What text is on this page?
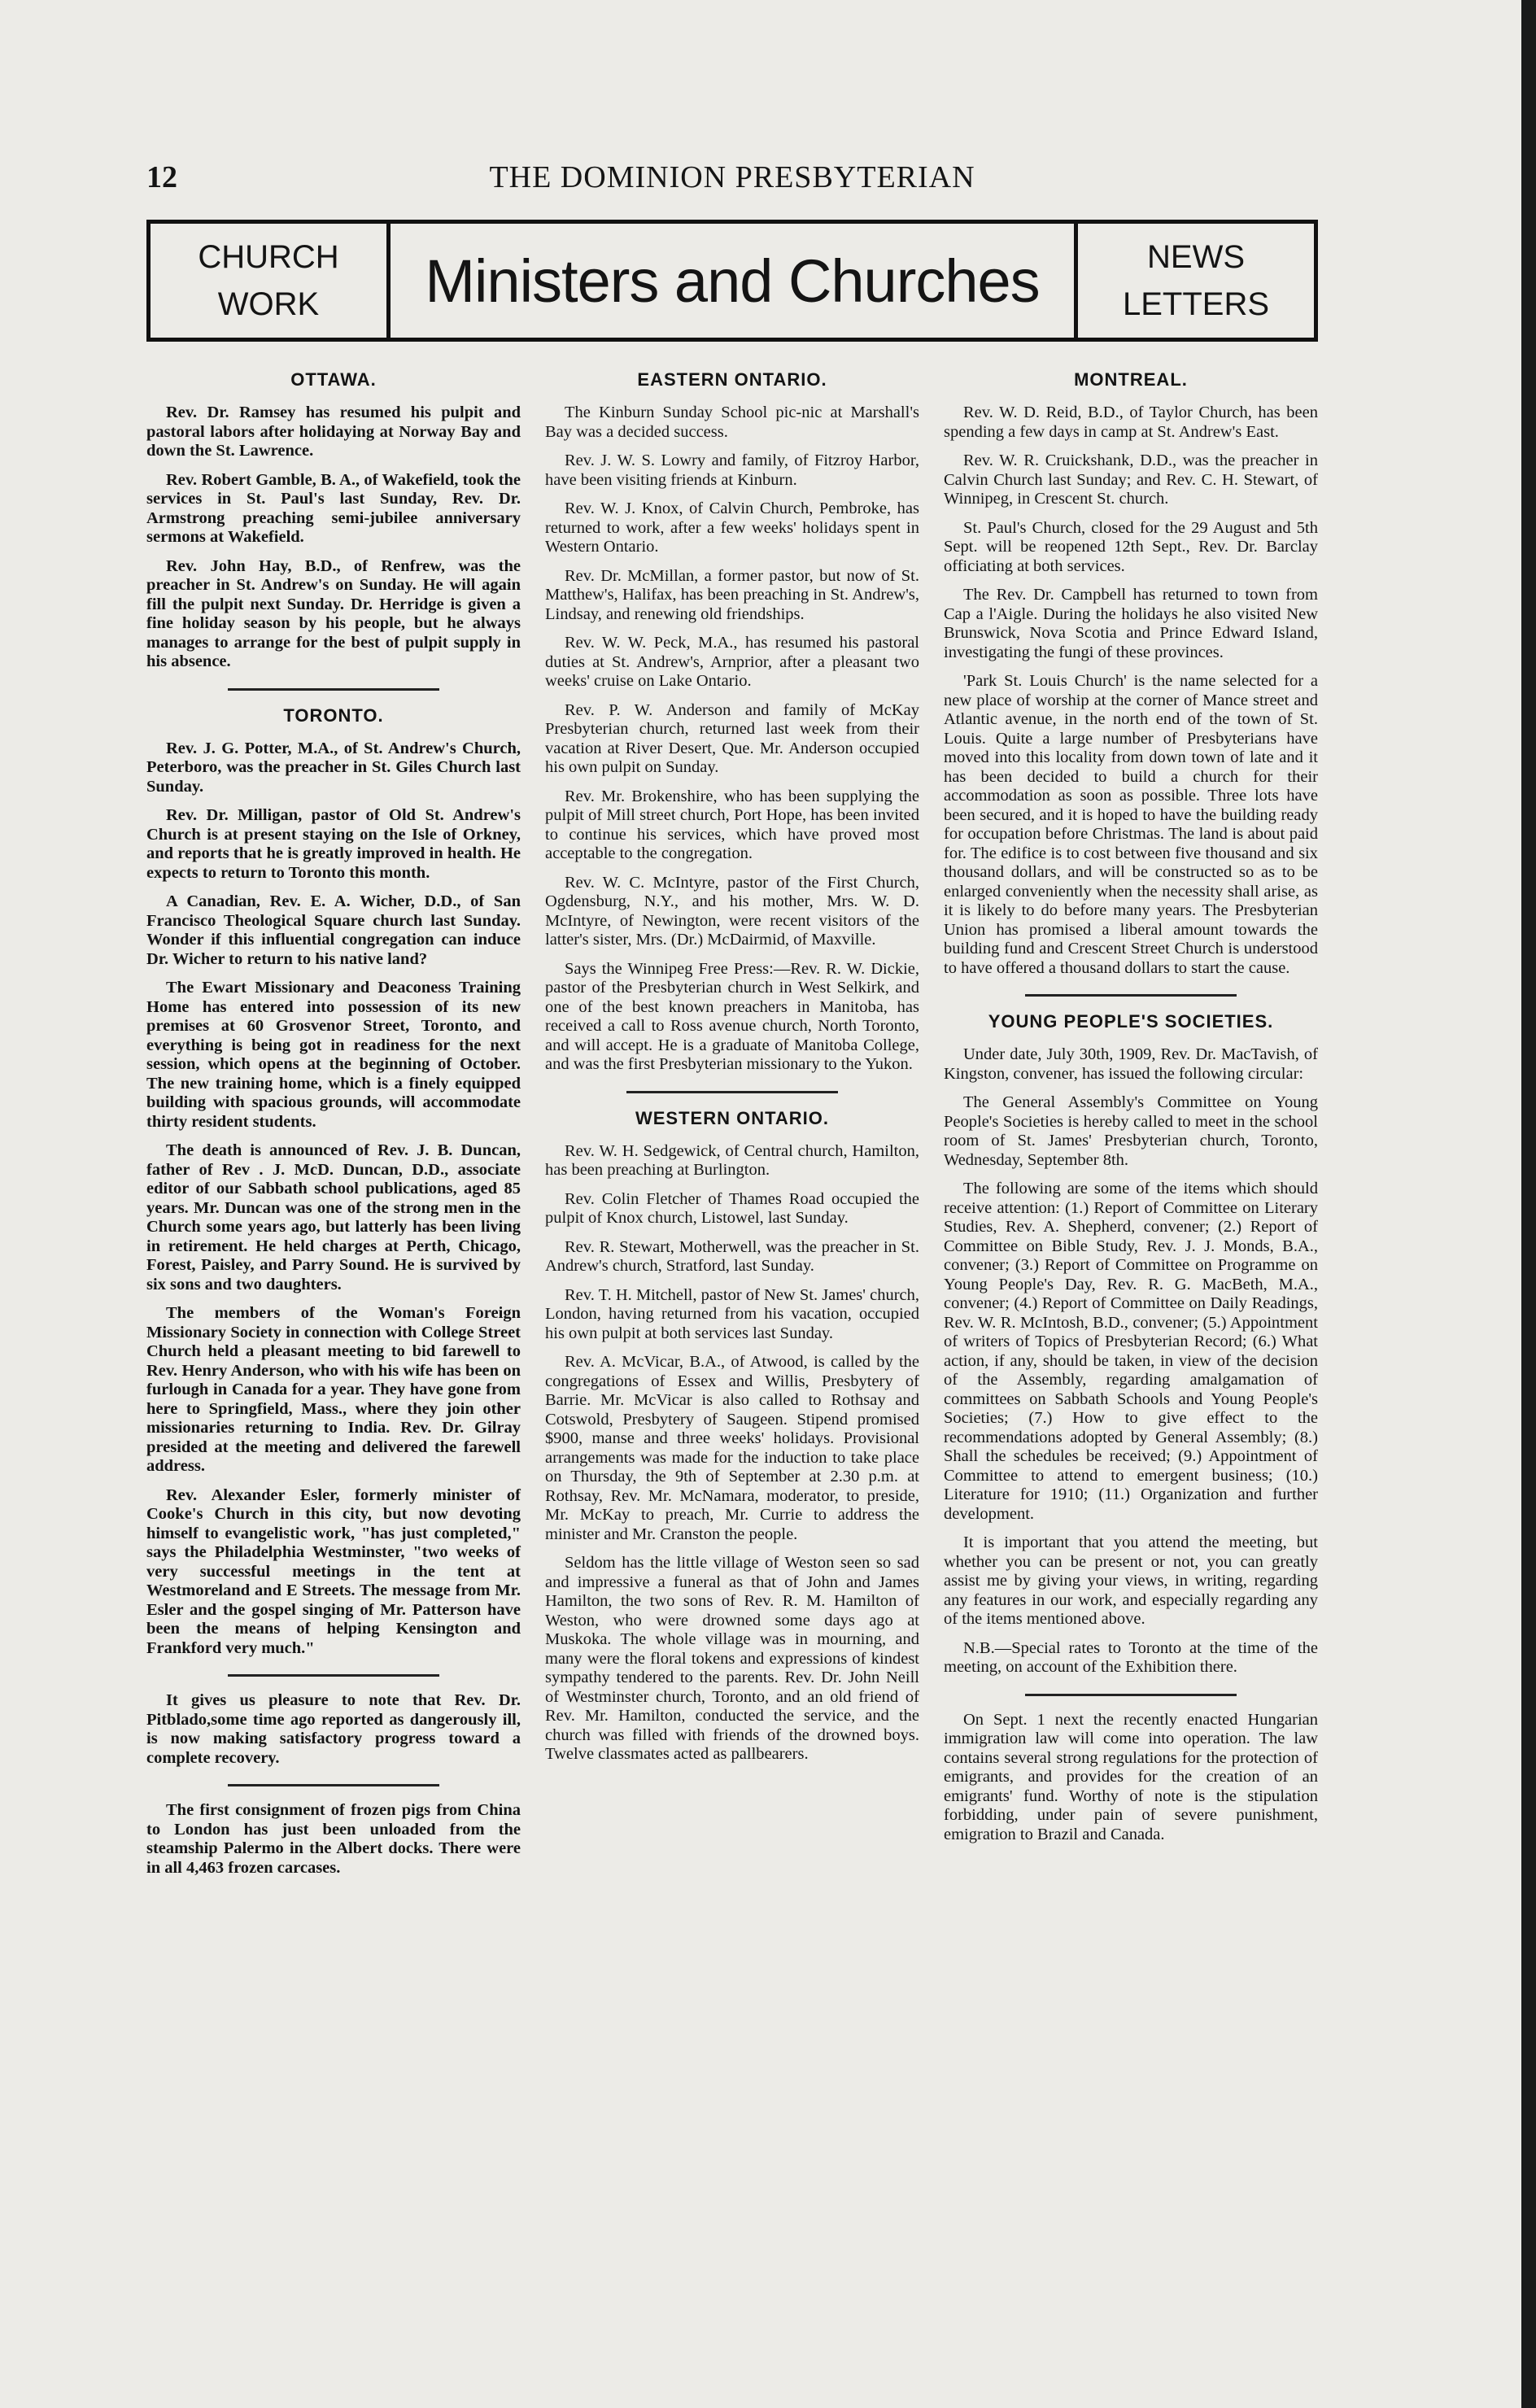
12	THE DOMINION PRESBYTERIAN
CHURCH
WORK	Ministers and Churches	NEWS
LETTERS
OTTAWA.

Rev. Dr. Ramsey has resumed his pulpit and pastoral labors after holidaying at Norway Bay and down the St. Lawrence.

Rev. Robert Gamble, B. A., of Wakefield, took the services in St. Paul's last Sunday, Rev. Dr. Armstrong preaching semi-jubilee anniversary sermons at Wakefield.

Rev. John Hay, B.D., of Renfrew, was the preacher in St. Andrew's on Sunday. He will again fill the pulpit next Sunday. Dr. Herridge is given a fine holiday season by his people, but he always manages to arrange for the best of pulpit supply in his absence.

TORONTO.

Rev. J. G. Potter, M.A., of St. Andrew's Church, Peterboro, was the preacher in St. Giles Church last Sunday.

Rev. Dr. Milligan, pastor of Old St. Andrew's Church is at present staying on the Isle of Orkney, and reports that he is greatly improved in health. He expects to return to Toronto this month.

A Canadian, Rev. E. A. Wicher, D.D., of San Francisco Theological Square church last Sunday. Wonder if this influential congregation can induce Dr. Wicher to return to his native land?

The Ewart Missionary and Deaconess Training Home has entered into possession of its new premises at 60 Grosvenor Street, Toronto, and everything is being got in readiness for the next session, which opens at the beginning of October. The new training home, which is a finely equipped building with spacious grounds, will accommodate thirty resident students.

The death is announced of Rev. J. B. Duncan, father of Rev . J. McD. Duncan, D.D., associate editor of our Sabbath school publications, aged 85 years. Mr. Duncan was one of the strong men in the Church some years ago, but latterly has been living in retirement. He held charges at Perth, Chicago, Forest, Paisley, and Parry Sound. He is survived by six sons and two daughters.

The members of the Woman's Foreign Missionary Society in connection with College Street Church held a pleasant meeting to bid farewell to Rev. Henry Anderson, who with his wife has been on furlough in Canada for a year. They have gone from here to Springfield, Mass., where they join other missionaries returning to India. Rev. Dr. Gilray presided at the meeting and delivered the farewell address.

Rev. Alexander Esler, formerly minister of Cooke's Church in this city, but now devoting himself to evangelistic work, "has just completed," says the Philadelphia Westminster, "two weeks of very successful meetings in the tent at Westmoreland and E Streets. The message from Mr. Esler and the gospel singing of Mr. Patterson have been the means of helping Kensington and Frankford very much."

It gives us pleasure to note that Rev. Dr. Pitblado,some time ago reported as dangerously ill, is now making satisfactory progress toward a complete recovery.

The first consignment of frozen pigs from China to London has just been unloaded from the steamship Palermo in the Albert docks. There were in all 4,463 frozen carcases.

EASTERN ONTARIO.

The Kinburn Sunday School pic-nic at Marshall's Bay was a decided success.

Rev. J. W. S. Lowry and family, of Fitzroy Harbor, have been visiting friends at Kinburn.

Rev. W. J. Knox, of Calvin Church, Pembroke, has returned to work, after a few weeks' holidays spent in Western Ontario.

Rev. Dr. McMillan, a former pastor, but now of St. Matthew's, Halifax, has been preaching in St. Andrew's, Lindsay, and renewing old friendships.

Rev. W. W. Peck, M.A., has resumed his pastoral duties at St. Andrew's, Arnprior, after a pleasant two weeks' cruise on Lake Ontario.

Rev. P. W. Anderson and family of McKay Presbyterian church, returned last week from their vacation at River Desert, Que. Mr. Anderson occupied his own pulpit on Sunday.

Rev. Mr. Brokenshire, who has been supplying the pulpit of Mill street church, Port Hope, has been invited to continue his services, which have proved most acceptable to the congregation.

Rev. W. C. McIntyre, pastor of the First Church, Ogdensburg, N.Y., and his mother, Mrs. W. D. McIntyre, of Newington, were recent visitors of the latter's sister, Mrs. (Dr.) McDairmid, of Maxville.

Says the Winnipeg Free Press:—Rev. R. W. Dickie, pastor of the Presbyterian church in West Selkirk, and one of the best known preachers in Manitoba, has received a call to Ross avenue church, North Toronto, and will accept. He is a graduate of Manitoba College, and was the first Presbyterian missionary to the Yukon.

WESTERN ONTARIO.

Rev. W. H. Sedgewick, of Central church, Hamilton, has been preaching at Burlington.

Rev. Colin Fletcher of Thames Road occupied the pulpit of Knox church, Listowel, last Sunday.

Rev. R. Stewart, Motherwell, was the preacher in St. Andrew's church, Stratford, last Sunday.

Rev. T. H. Mitchell, pastor of New St. James' church, London, having returned from his vacation, occupied his own pulpit at both services last Sunday.

Rev. A. McVicar, B.A., of Atwood, is called by the congregations of Essex and Willis, Presbytery of Barrie. Mr. McVicar is also called to Rothsay and Cotswold, Presbytery of Saugeen. Stipend promised $900, manse and three weeks' holidays. Provisional arrangements was made for the induction to take place on Thursday, the 9th of September at 2.30 p.m. at Rothsay, Rev. Mr. McNamara, moderator, to preside, Mr. McKay to preach, Mr. Currie to address the minister and Mr. Cranston the people.

Seldom has the little village of Weston seen so sad and impressive a funeral as that of John and James Hamilton, the two sons of Rev. R. M. Hamilton of Weston, who were drowned some days ago at Muskoka. The whole village was in mourning, and many were the floral tokens and expressions of kindest sympathy tendered to the parents. Rev. Dr. John Neill of Westminster church, Toronto, and an old friend of Rev. Mr. Hamilton, conducted the service, and the church was filled with friends of the drowned boys. Twelve classmates acted as pallbearers.

MONTREAL.

Rev. W. D. Reid, B.D., of Taylor Church, has been spending a few days in camp at St. Andrew's East.

Rev. W. R. Cruickshank, D.D., was the preacher in Calvin Church last Sunday; and Rev. C. H. Stewart, of Winnipeg, in Crescent St. church.

St. Paul's Church, closed for the 29 August and 5th Sept. will be reopened 12th Sept., Rev. Dr. Barclay officiating at both services.

The Rev. Dr. Campbell has returned to town from Cap a l'Aigle. During the holidays he also visited New Brunswick, Nova Scotia and Prince Edward Island, investigating the fungi of these provinces.

'Park St. Louis Church' is the name selected for a new place of worship at the corner of Mance street and Atlantic avenue, in the north end of the town of St. Louis. Quite a large number of Presbyterians have moved into this locality from down town of late and it has been decided to build a church for their accommodation as soon as possible. Three lots have been secured, and it is hoped to have the building ready for occupation before Christmas. The land is about paid for. The edifice is to cost between five thousand and six thousand dollars, and will be constructed so as to be enlarged conveniently when the necessity shall arise, as it is likely to do before many years. The Presbyterian Union has promised a liberal amount towards the building fund and Crescent Street Church is understood to have offered a thousand dollars to start the cause.

YOUNG PEOPLE'S SOCIETIES.

Under date, July 30th, 1909, Rev. Dr. MacTavish, of Kingston, convener, has issued the following circular:

The General Assembly's Committee on Young People's Societies is hereby called to meet in the school room of St. James' Presbyterian church, Toronto, Wednesday, September 8th.

The following are some of the items which should receive attention: (1.) Report of Committee on Literary Studies, Rev. A. Shepherd, convener; (2.) Report of Committee on Bible Study, Rev. J. J. Monds, B.A., convener; (3.) Report of Committee on Programme on Young People's Day, Rev. R. G. MacBeth, M.A., convener; (4.) Report of Committee on Daily Readings, Rev. W. R. McIntosh, B.D., convener; (5.) Appointment of writers of Topics of Presbyterian Record; (6.) What action, if any, should be taken, in view of the decision of the Assembly, regarding amalgamation of committees on Sabbath Schools and Young People's Societies; (7.) How to give effect to the recommendations adopted by General Assembly; (8.) Shall the schedules be received; (9.) Appointment of Committee to attend to emergent business; (10.) Literature for 1910; (11.) Organization and further development.

It is important that you attend the meeting, but whether you can be present or not, you can greatly assist me by giving your views, in writing, regarding any features in our work, and especially regarding any of the items mentioned above.

N.B.—Special rates to Toronto at the time of the meeting, on account of the Exhibition there.

On Sept. 1 next the recently enacted Hungarian immigration law will come into operation. The law contains several strong regulations for the protection of emigrants, and provides for the creation of an emigrants' fund. Worthy of note is the stipulation forbidding, under pain of severe punishment, emigration to Brazil and Canada.
